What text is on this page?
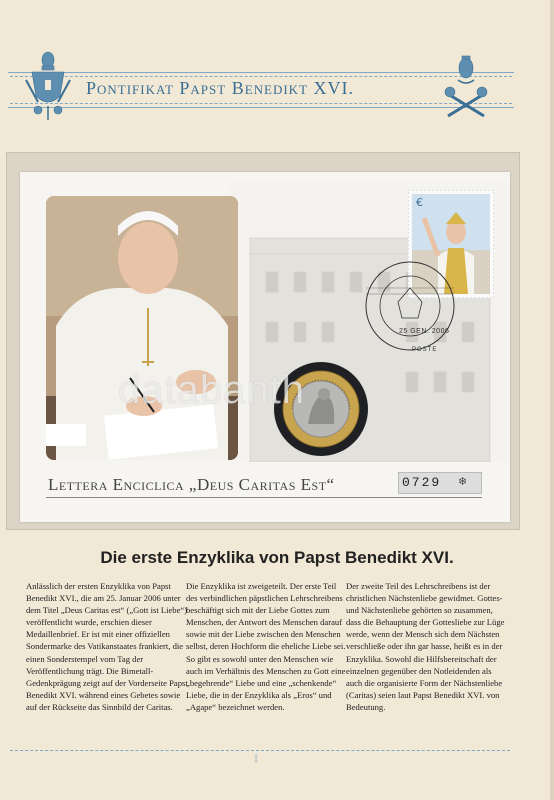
Pontifikat Papst Benedikt XVI.
€
25 GEN. 2006
POSTE
databanth
Lettera Enciclica „Deus Caritas Est“	0729 ❄
Die erste Enzyklika von Papst Benedikt XVI.

Anlässlich der ersten Enzyklika von Papst Benedikt XVI., die am 25. Januar 2006 unter dem Titel „Deus Caritas est“ („Gott ist Liebe“) veröffentlicht wurde, erschien dieser Medaillenbrief. Er ist mit einer offiziellen Sondermarke des Vatikanstaates frankiert, die einen Sonderstempel vom Tag der Veröffentlichung trägt. Die Bimetall-Gedenkprägung zeigt auf der Vorderseite Papst Benedikt XVI. während eines Gebetes sowie auf der Rückseite das Sinnbild der Caritas.

Die Enzyklika ist zweigeteilt. Der erste Teil des verbindlichen päpstlichen Lehrschreibens beschäftigt sich mit der Liebe Gottes zum Menschen, der Antwort des Menschen darauf sowie mit der Liebe zwischen den Menschen selbst, deren Hochform die eheliche Liebe sei. So gibt es sowohl unter den Menschen wie auch im Verhältnis des Menschen zu Gott eine „begehrende“ Liebe und eine „schenkende“ Liebe, die in der Enzyklika als „Eros“ und „Agape“ bezeichnet werden.

Der zweite Teil des Lehrschreibens ist der christlichen Nächstenliebe gewidmet. Gottes- und Nächstenliebe gehörten so zusammen, dass die Behauptung der Gottesliebe zur Lüge werde, wenn der Mensch sich dem Nächsten verschließe oder ihn gar hasse, heißt es in der Enzyklika. Sowohl die Hilfsbereitschaft der einzelnen gegenüber den Notleidenden als auch die organisierte Form der Nächstenliebe (Caritas) seien laut Papst Benedikt XVI. von Bedeutung.

⟟
